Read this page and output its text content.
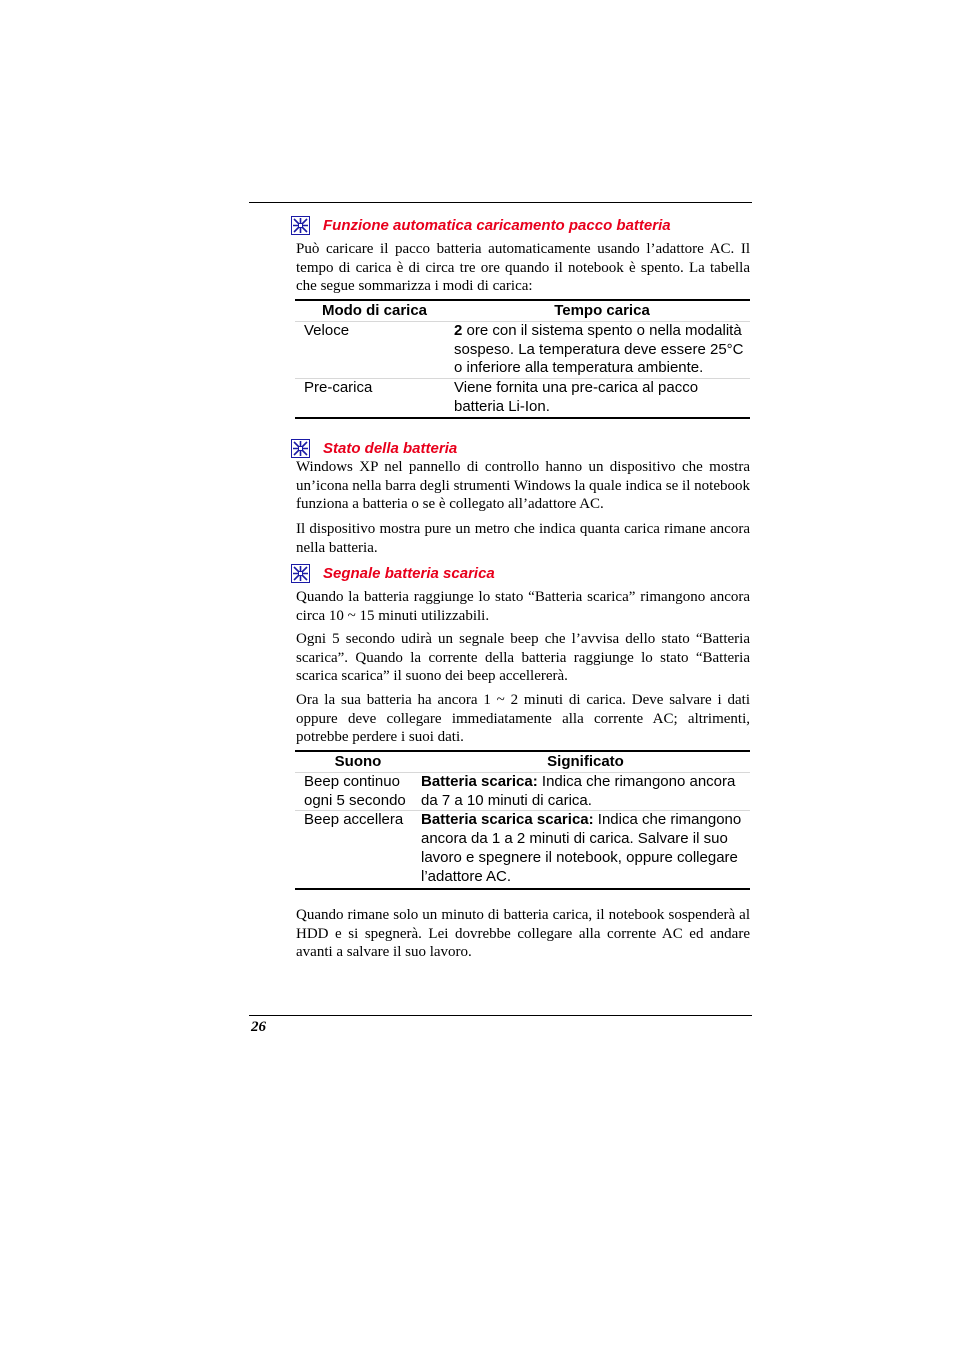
Funzione automatica caricamento pacco batteria
Può caricare il pacco batteria automaticamente usando l’adattore AC. Il tempo di carica è di circa tre ore quando il notebook è spento. La tabella che segue sommarizza i modi di carica:
Modo di carica	Tempo carica
Veloce	2 ore con il sistema spento o nella modalità sospeso. La temperatura deve essere 25°C o inferiore alla temperatura ambiente.
Pre-carica	Viene fornita una pre-carica al pacco batteria Li-Ion.
Stato della batteria
Windows XP nel pannello di controllo hanno un dispositivo che mostra un’icona nella barra degli strumenti Windows la quale indica se il notebook funziona a batteria o se è collegato all’adattore AC.
Il dispositivo mostra pure un metro che indica quanta carica rimane ancora nella batteria.
Segnale batteria scarica
Quando la batteria raggiunge lo stato “Batteria scarica” rimangono ancora circa 10 ~ 15 minuti utilizzabili.
Ogni 5 secondo udirà un segnale beep che l’avvisa dello stato “Batteria scarica”. Quando la corrente della batteria raggiunge lo stato “Batteria scarica scarica” il suono dei beep accellererà.
Ora la sua batteria ha ancora 1 ~ 2 minuti di carica. Deve salvare i dati oppure deve collegare immediatamente alla corrente AC; altrimenti, potrebbe perdere i suoi dati.
Suono	Significato
Beep continuo ogni 5 secondo	Batteria scarica: Indica che rimangono ancora da 7 a 10 minuti di carica.
Beep accellera	Batteria scarica scarica: Indica che rimangono ancora da 1 a 2 minuti di carica. Salvare il suo lavoro e spegnere il notebook, oppure collegare l’adattore AC.
Quando rimane solo un minuto di batteria carica, il notebook sospenderà al HDD e si spegnerà. Lei dovrebbe collegare alla corrente AC ed andare avanti a salvare il suo lavoro.
26
